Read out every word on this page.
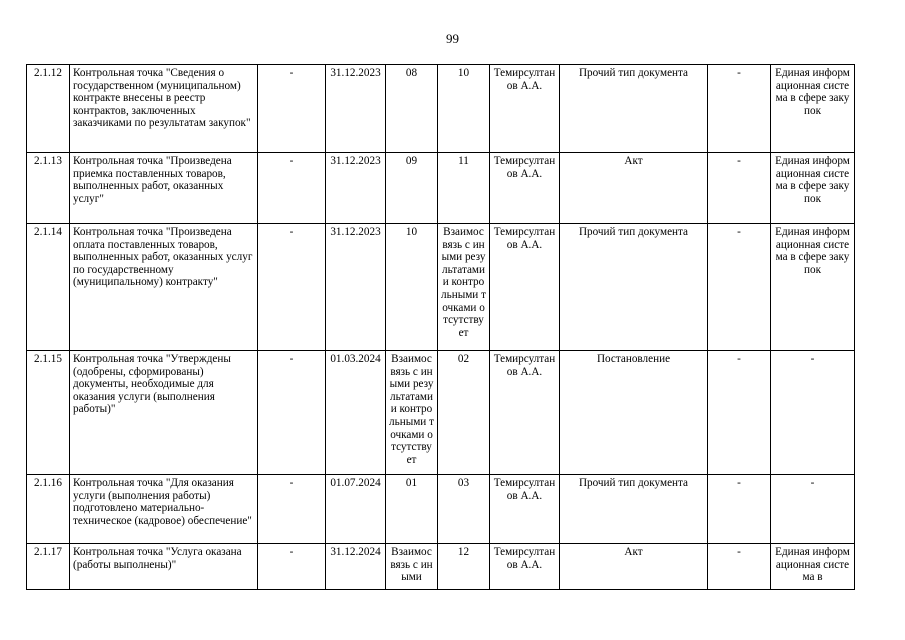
99
2.1.12	Контрольная точка "Сведения о государственном (муниципальном) контракте внесены в реестр контрактов, заключенных заказчиками по результатам закупок"	-	31.12.2023	08	10	Темирсултанов А.А.	Прочий тип документа	-	Единая информационная система в сфере закупок

2.1.13	Контрольная точка "Произведена приемка поставленных товаров, выполненных работ, оказанных услуг"	-	31.12.2023	09	11	Темирсултанов А.А.	Акт	-	Единая информационная система в сфере закупок

2.1.14	Контрольная точка "Произведена оплата поставленных товаров, выполненных работ, оказанных услуг по государственному (муниципальному) контракту"	-	31.12.2023	10	Взаимосвязь с иными результатами и контрольными точками отсутствует	Темирсултанов А.А.	Прочий тип документа	-	Единая информационная система в сфере закупок

2.1.15	Контрольная точка "Утверждены (одобрены, сформированы) документы, необходимые для оказания услуги (выполнения работы)"	-	01.03.2024	Взаимосвязь с иными результатами и контрольными точками отсутствует	02	Темирсултанов А.А.	Постановление	-	-
2.1.16	Контрольная точка "Для оказания услуги (выполнения работы) подготовлено материально-техническое (кадровое) обеспечение"	-	01.07.2024	01	03	Темирсултанов А.А.	Прочий тип документа	-	-
2.1.17	Контрольная точка "Услуга оказана (работы выполнены)"	-	31.12.2024	Взаимосвязь с иными	12	Темирсултанов А.А.	Акт	-	Единая информационная система в
